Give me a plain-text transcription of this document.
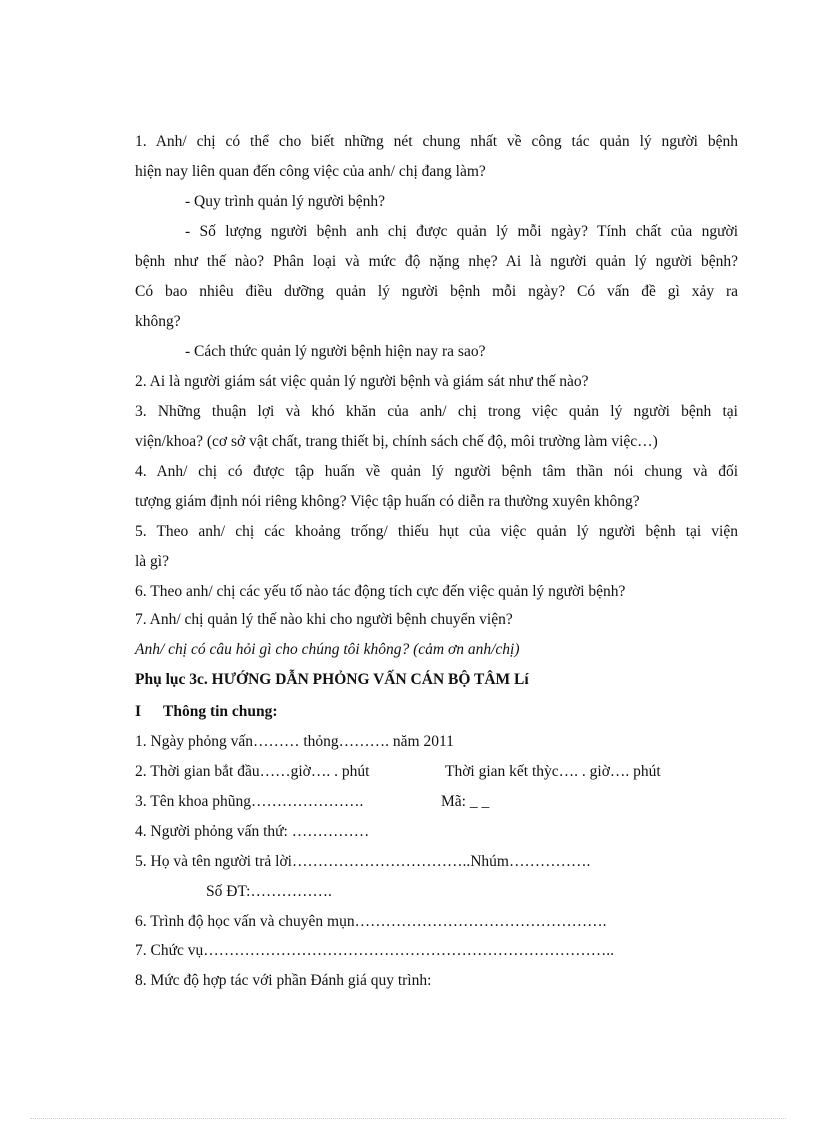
1. Anh/ chị có thể cho biết những nét chung nhất về công tác quản lý người bệnh
hiện nay liên quan đến công việc của anh/ chị đang làm?
- Quy trình quản lý người bệnh?
- Số lượng người bệnh anh chị được quản lý mỗi ngày? Tính chất của người
bệnh như thế nào? Phân loại và mức độ nặng nhẹ? Ai là người quản lý người bệnh?
Có bao nhiêu điều dưỡng quản lý người bệnh mỗi ngày? Có vấn đề gì xảy ra
không?
- Cách thức quản lý người bệnh hiện nay ra sao?
2. Ai là người giám sát việc quản lý người bệnh và giám sát như thế nào?
3. Những thuận lợi và khó khăn của anh/ chị trong việc quản lý người bệnh tại
viện/khoa? (cơ sở vật chất, trang thiết bị, chính sách chế độ, môi trường làm việc…)
4. Anh/ chị có được tập huấn về quản lý người bệnh tâm thần nói chung và đối
tượng giám định nói riêng không? Việc tập huấn có diễn ra thường xuyên không?
5. Theo anh/ chị các khoảng trống/ thiếu hụt của việc quản lý người bệnh tại viện
là gì?
6. Theo anh/ chị các yếu tố nào tác động tích cực đến việc quản lý người bệnh?
7. Anh/ chị quản lý thế nào khi cho người bệnh chuyển viện?
Anh/ chị có câu hỏi gì cho chúng tôi không? (cảm ơn anh/chị)
Phụ lục 3c. HƯỚNG DẪN PHỎNG VẤN CÁN BỘ TÂM Lí
I Thông tin chung:
1. Ngày phỏng vấn……… thỏng………. năm 2011
2. Thời gian bắt đầu……giờ…. . phút	Thời gian kết thỳc…. . giờ…. phút
3. Tên khoa phũng………………….	Mã: _ _
4. Người phỏng vấn thứ: ……………
5. Họ và tên người trả lời……………………………..Nhúm…………….
Số ĐT:…………….
6. Trình độ học vấn và chuyên mụn………………………………………….
7. Chức vụ……………………………………………………………………..
8. Mức độ hợp tác với phần Đánh giá quy trình:
